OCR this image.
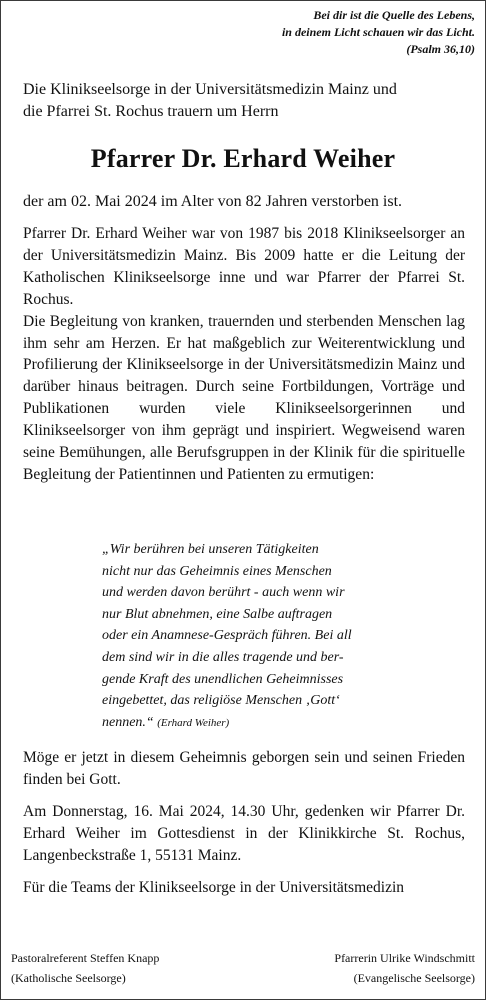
Bei dir ist die Quelle des Lebens,
in deinem Licht schauen wir das Licht.
(Psalm 36,10)
Die Klinikseelsorge in der Universitätsmedizin Mainz und
die Pfarrei St. Rochus trauern um Herrn
Pfarrer Dr. Erhard Weiher
der am 02. Mai 2024 im Alter von 82 Jahren verstorben ist.

Pfarrer Dr. Erhard Weiher war von 1987 bis 2018 Klinikseelsorger an der Universitätsmedizin Mainz. Bis 2009 hatte er die Leitung der Katholischen Klinikseelsorge inne und war Pfarrer der Pfarrei St. Rochus.

Die Begleitung von kranken, trauernden und sterbenden Menschen lag ihm sehr am Herzen. Er hat maßgeblich zur Weiterentwicklung und Profilierung der Klinikseelsorge in der Universitätsmedizin Mainz und darüber hinaus beitragen. Durch seine Fortbildungen, Vorträge und Publikationen wurden viele Klinikseelsorgerinnen und Klinikseelsorger von ihm geprägt und inspiriert. Wegweisend waren seine Bemühungen, alle Berufsgruppen in der Klinik für die spirituelle Begleitung der Patientinnen und Patienten zu ermutigen:

„Wir berühren bei unseren Tätigkeiten
nicht nur das Geheimnis eines Menschen
und werden davon berührt - auch wenn wir
nur Blut abnehmen, eine Salbe auftragen
oder ein Anamnese-Gespräch führen. Bei all
dem sind wir in die alles tragende und ber-
gende Kraft des unendlichen Geheimnisses
eingebettet, das religiöse Menschen ‚Gott‘
nennen.“ (Erhard Weiher)

Möge er jetzt in diesem Geheimnis geborgen sein und seinen Frieden finden bei Gott.

Am Donnerstag, 16. Mai 2024, 14.30 Uhr, gedenken wir Pfarrer Dr. Erhard Weiher im Gottesdienst in der Klinikkirche St. Rochus, Langenbeckstraße 1, 55131 Mainz.

Für die Teams der Klinikseelsorge in der Universitätsmedizin

Pastoralreferent Steffen Knapp
(Katholische Seelsorge)
Pfarrerin Ulrike Windschmitt
(Evangelische Seelsorge)
